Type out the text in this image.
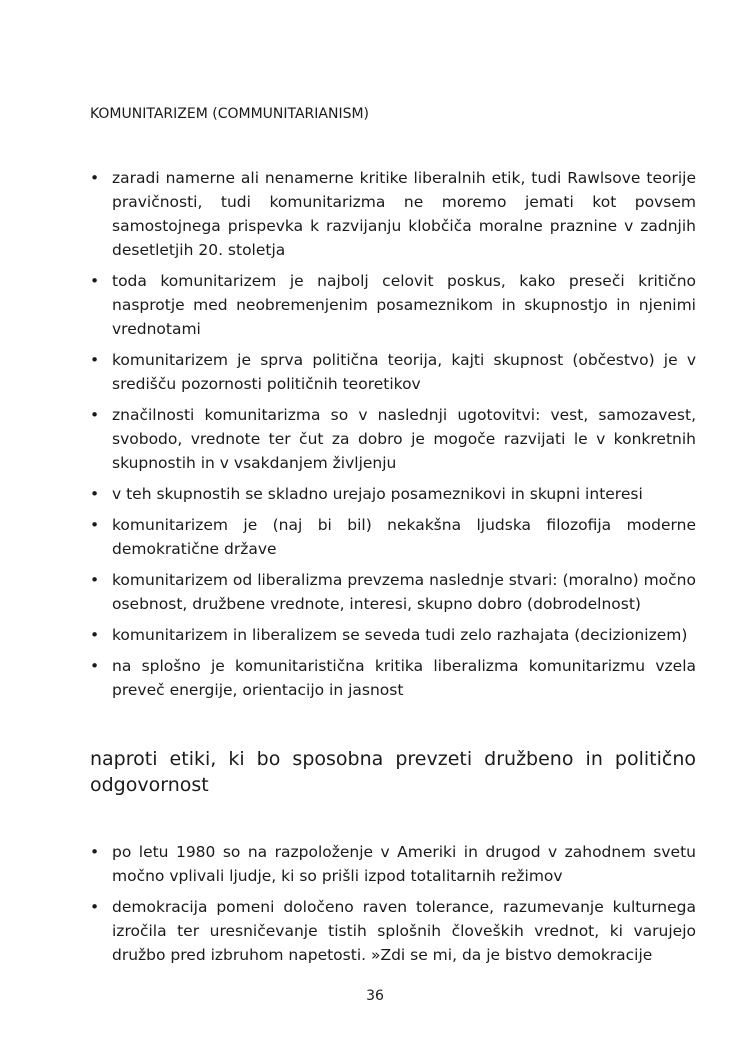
KOMUNITARIZEM (COMMUNITARIANISM)
• zaradi namerne ali nenamerne kritike liberalnih etik, tudi Rawlsove teorije pravičnosti, tudi komunitarizma ne moremo jemati kot povsem samostojnega prispevka k razvijanju klobčiča moralne praznine v zadnjih desetletjih 20. stoletja
• toda komunitarizem je najbolj celovit poskus, kako preseči kritično nasprotje med neobremenjenim posameznikom in skupnostjo in njenimi vrednotami
• komunitarizem je sprva politična teorija, kajti skupnost (občestvo) je v središču pozornosti političnih teoretikov
• značilnosti komunitarizma so v naslednji ugotovitvi: vest, samozavest, svobodo, vrednote ter čut za dobro je mogoče razvijati le v konkretnih skupnostih in v vsakdanjem življenju
• v teh skupnostih se skladno urejajo posameznikovi in skupni interesi
• komunitarizem je (naj bi bil) nekakšna ljudska filozofija moderne demokratične države
• komunitarizem od liberalizma prevzema naslednje stvari: (moralno) močno osebnost, družbene vrednote, interesi, skupno dobro (dobrodelnost)
• komunitarizem in liberalizem se seveda tudi zelo razhajata (decizionizem)
• na splošno je komunitaristična kritika liberalizma komunitarizmu vzela preveč energije, orientacijo in jasnost
naproti etiki, ki bo sposobna prevzeti družbeno in politično odgovornost
• po letu 1980 so na razpoloženje v Ameriki in drugod v zahodnem svetu močno vplivali ljudje, ki so prišli izpod totalitarnih režimov
• demokracija pomeni določeno raven tolerance, razumevanje kulturnega izročila ter uresničevanje tistih splošnih človeških vrednot, ki varujejo družbo pred izbruhom napetosti. »Zdi se mi, da je bistvo demokracije
36
